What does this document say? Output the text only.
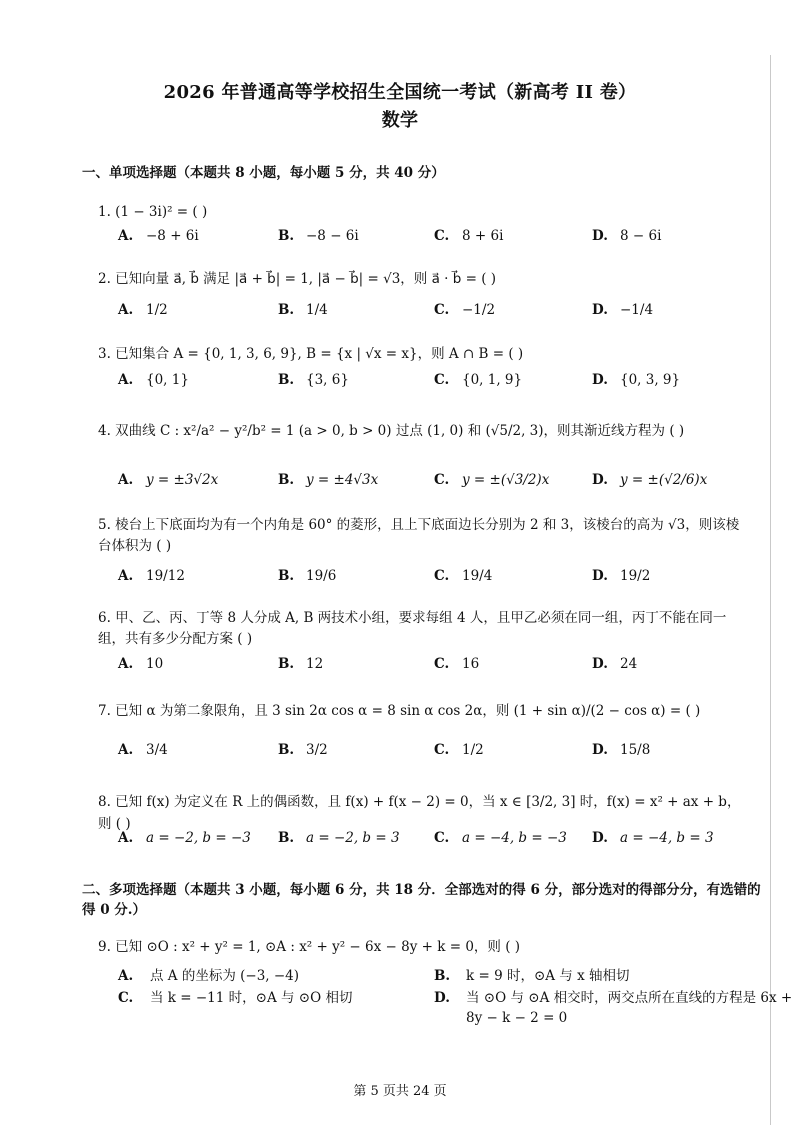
2026 年普通高等学校招生全国统一考试（新高考 II 卷）
数学
一、单项选择题（本题共 8 小题，每小题 5 分，共 40 分）
1. (1 − 3i)² = ( )
A. −8 + 6i	B. −8 − 6i	C. 8 + 6i	D. 8 − 6i
2. 已知向量 a⃗, b⃗ 满足 |a⃗ + b⃗| = 1, |a⃗ − b⃗| = √3，则 a⃗ · b⃗ = ( )
A. 1/2	B. 1/4	C. −1/2	D. −1/4
3. 已知集合 A = {0, 1, 3, 6, 9}, B = {x | √x = x}，则 A ∩ B = ( )
A. {0, 1}	B. {3, 6}	C. {0, 1, 9}	D. {0, 3, 9}
4. 双曲线 C : x²/a² − y²/b² = 1 (a > 0, b > 0) 过点 (1, 0) 和 (√5/2, 3)，则其渐近线方程为 ( )
A. y = ±3√2x	B. y = ±4√3x	C. y = ±(√3/2)x	D. y = ±(√2/6)x
5. 棱台上下底面均为有一个内角是 60° 的菱形，且上下底面边长分别为 2 和 3，该棱台的高为 √3，则该棱台体积为 ( )
A. 19/12	B. 19/6	C. 19/4	D. 19/2
6. 甲、乙、丙、丁等 8 人分成 A, B 两技术小组，要求每组 4 人，且甲乙必须在同一组，丙丁不能在同一组，共有多少分配方案 ( )
A. 10	B. 12	C. 16	D. 24
7. 已知 α 为第二象限角，且 3 sin 2α cos α = 8 sin α cos 2α，则 (1 + sin α)/(2 − cos α) = ( )
A. 3/4	B. 3/2	C. 1/2	D. 15/8
8. 已知 f(x) 为定义在 R 上的偶函数，且 f(x) + f(x − 2) = 0，当 x ∈ [3/2, 3] 时，f(x) = x² + ax + b，则 ( )
A. a = −2, b = −3 B. a = −2, b = 3	C. a = −4, b = −3 D. a = −4, b = 3
二、多项选择题（本题共 3 小题，每小题 6 分，共 18 分．全部选对的得 6 分，部分选对的得部分分，有选错的得 0 分.）
9. 已知 ⊙O : x² + y² = 1, ⊙A : x² + y² − 6x − 8y + k = 0，则 ( )
A. 点 A 的坐标为 (−3, −4)	B. k = 9 时，⊙A 与 x 轴相切
C. 当 k = −11 时，⊙A 与 ⊙O 相切	D. 当 ⊙O 与 ⊙A 相交时，两交点所在直线的方程是 6x + 8y − k − 2 = 0
第 5 页共 24 页
